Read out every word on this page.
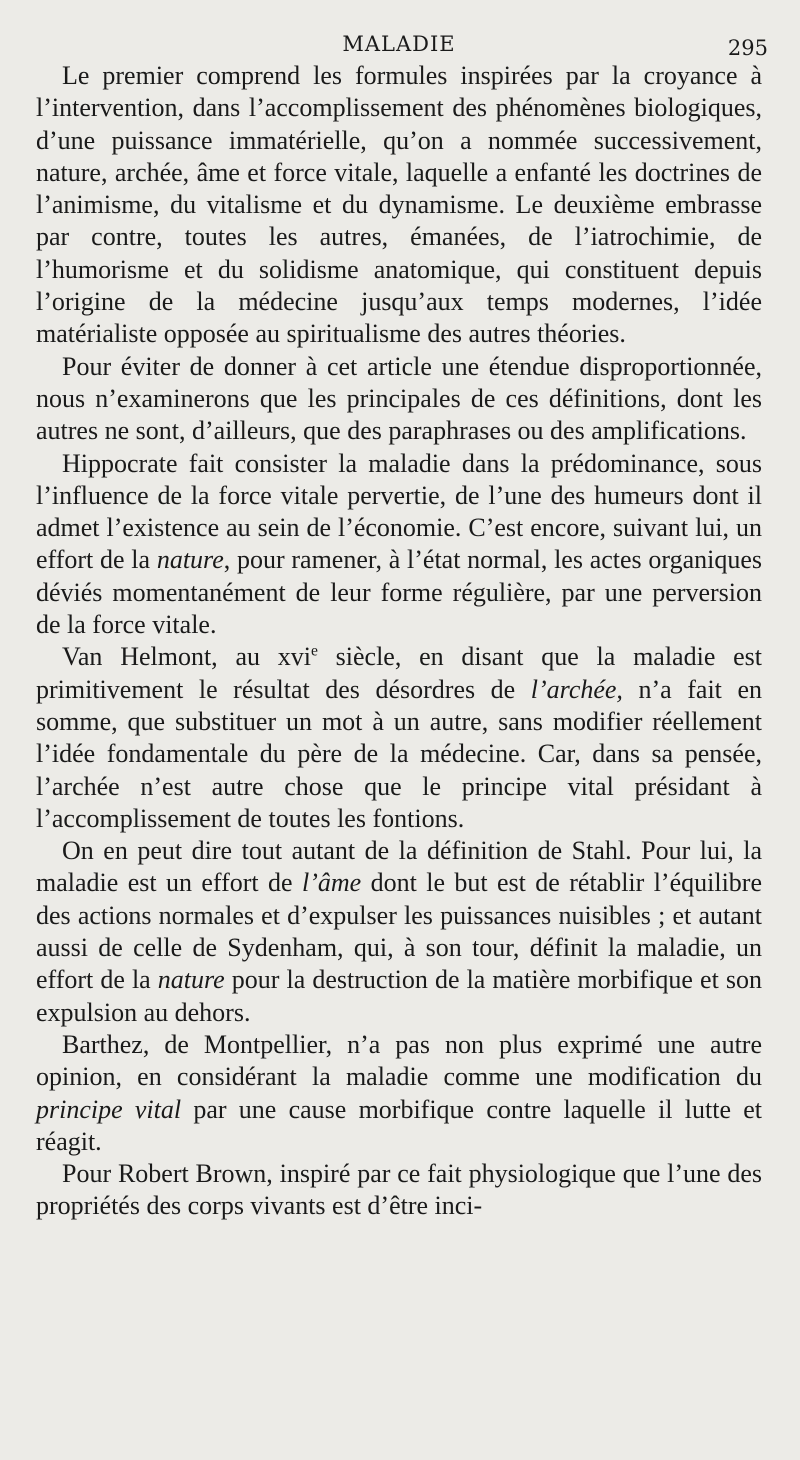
MALADIE	295

Le premier comprend les formules inspirées par la croyance à l’intervention, dans l’accomplissement des phénomènes biologiques, d’une puissance immatérielle, qu’on a nommée successivement, nature, archée, âme et force vitale, laquelle a enfanté les doctrines de l’animisme, du vitalisme et du dynamisme. Le deuxième embrasse par contre, toutes les autres, émanées, de l’iatrochimie, de l’humorisme et du solidisme anatomique, qui constituent depuis l’origine de la médecine jusqu’aux temps modernes, l’idée matérialiste opposée au spiritualisme des autres théories.

Pour éviter de donner à cet article une étendue disproportionnée, nous n’examinerons que les principales de ces définitions, dont les autres ne sont, d’ailleurs, que des paraphrases ou des amplifications.

Hippocrate fait consister la maladie dans la prédominance, sous l’influence de la force vitale pervertie, de l’une des humeurs dont il admet l’existence au sein de l’économie. C’est encore, suivant lui, un effort de la nature, pour ramener, à l’état normal, les actes organiques déviés momentanément de leur forme régulière, par une perversion de la force vitale.

Van Helmont, au xvi$^e$ siècle, en disant que la maladie est primitivement le résultat des désordres de l’archée, n’a fait en somme, que substituer un mot à un autre, sans modifier réellement l’idée fondamentale du père de la médecine. Car, dans sa pensée, l’archée n’est autre chose que le principe vital présidant à l’accomplissement de toutes les fontions.

On en peut dire tout autant de la définition de Stahl. Pour lui, la maladie est un effort de l’âme dont le but est de rétablir l’équilibre des actions normales et d’expulser les puissances nuisibles ; et autant aussi de celle de Sydenham, qui, à son tour, définit la maladie, un effort de la nature pour la destruction de la matière morbifique et son expulsion au dehors.

Barthez, de Montpellier, n’a pas non plus exprimé une autre opinion, en considérant la maladie comme une modification du principe vital par une cause morbifique contre laquelle il lutte et réagit.

Pour Robert Brown, inspiré par ce fait physiologique que l’une des propriétés des corps vivants est d’être inci-
